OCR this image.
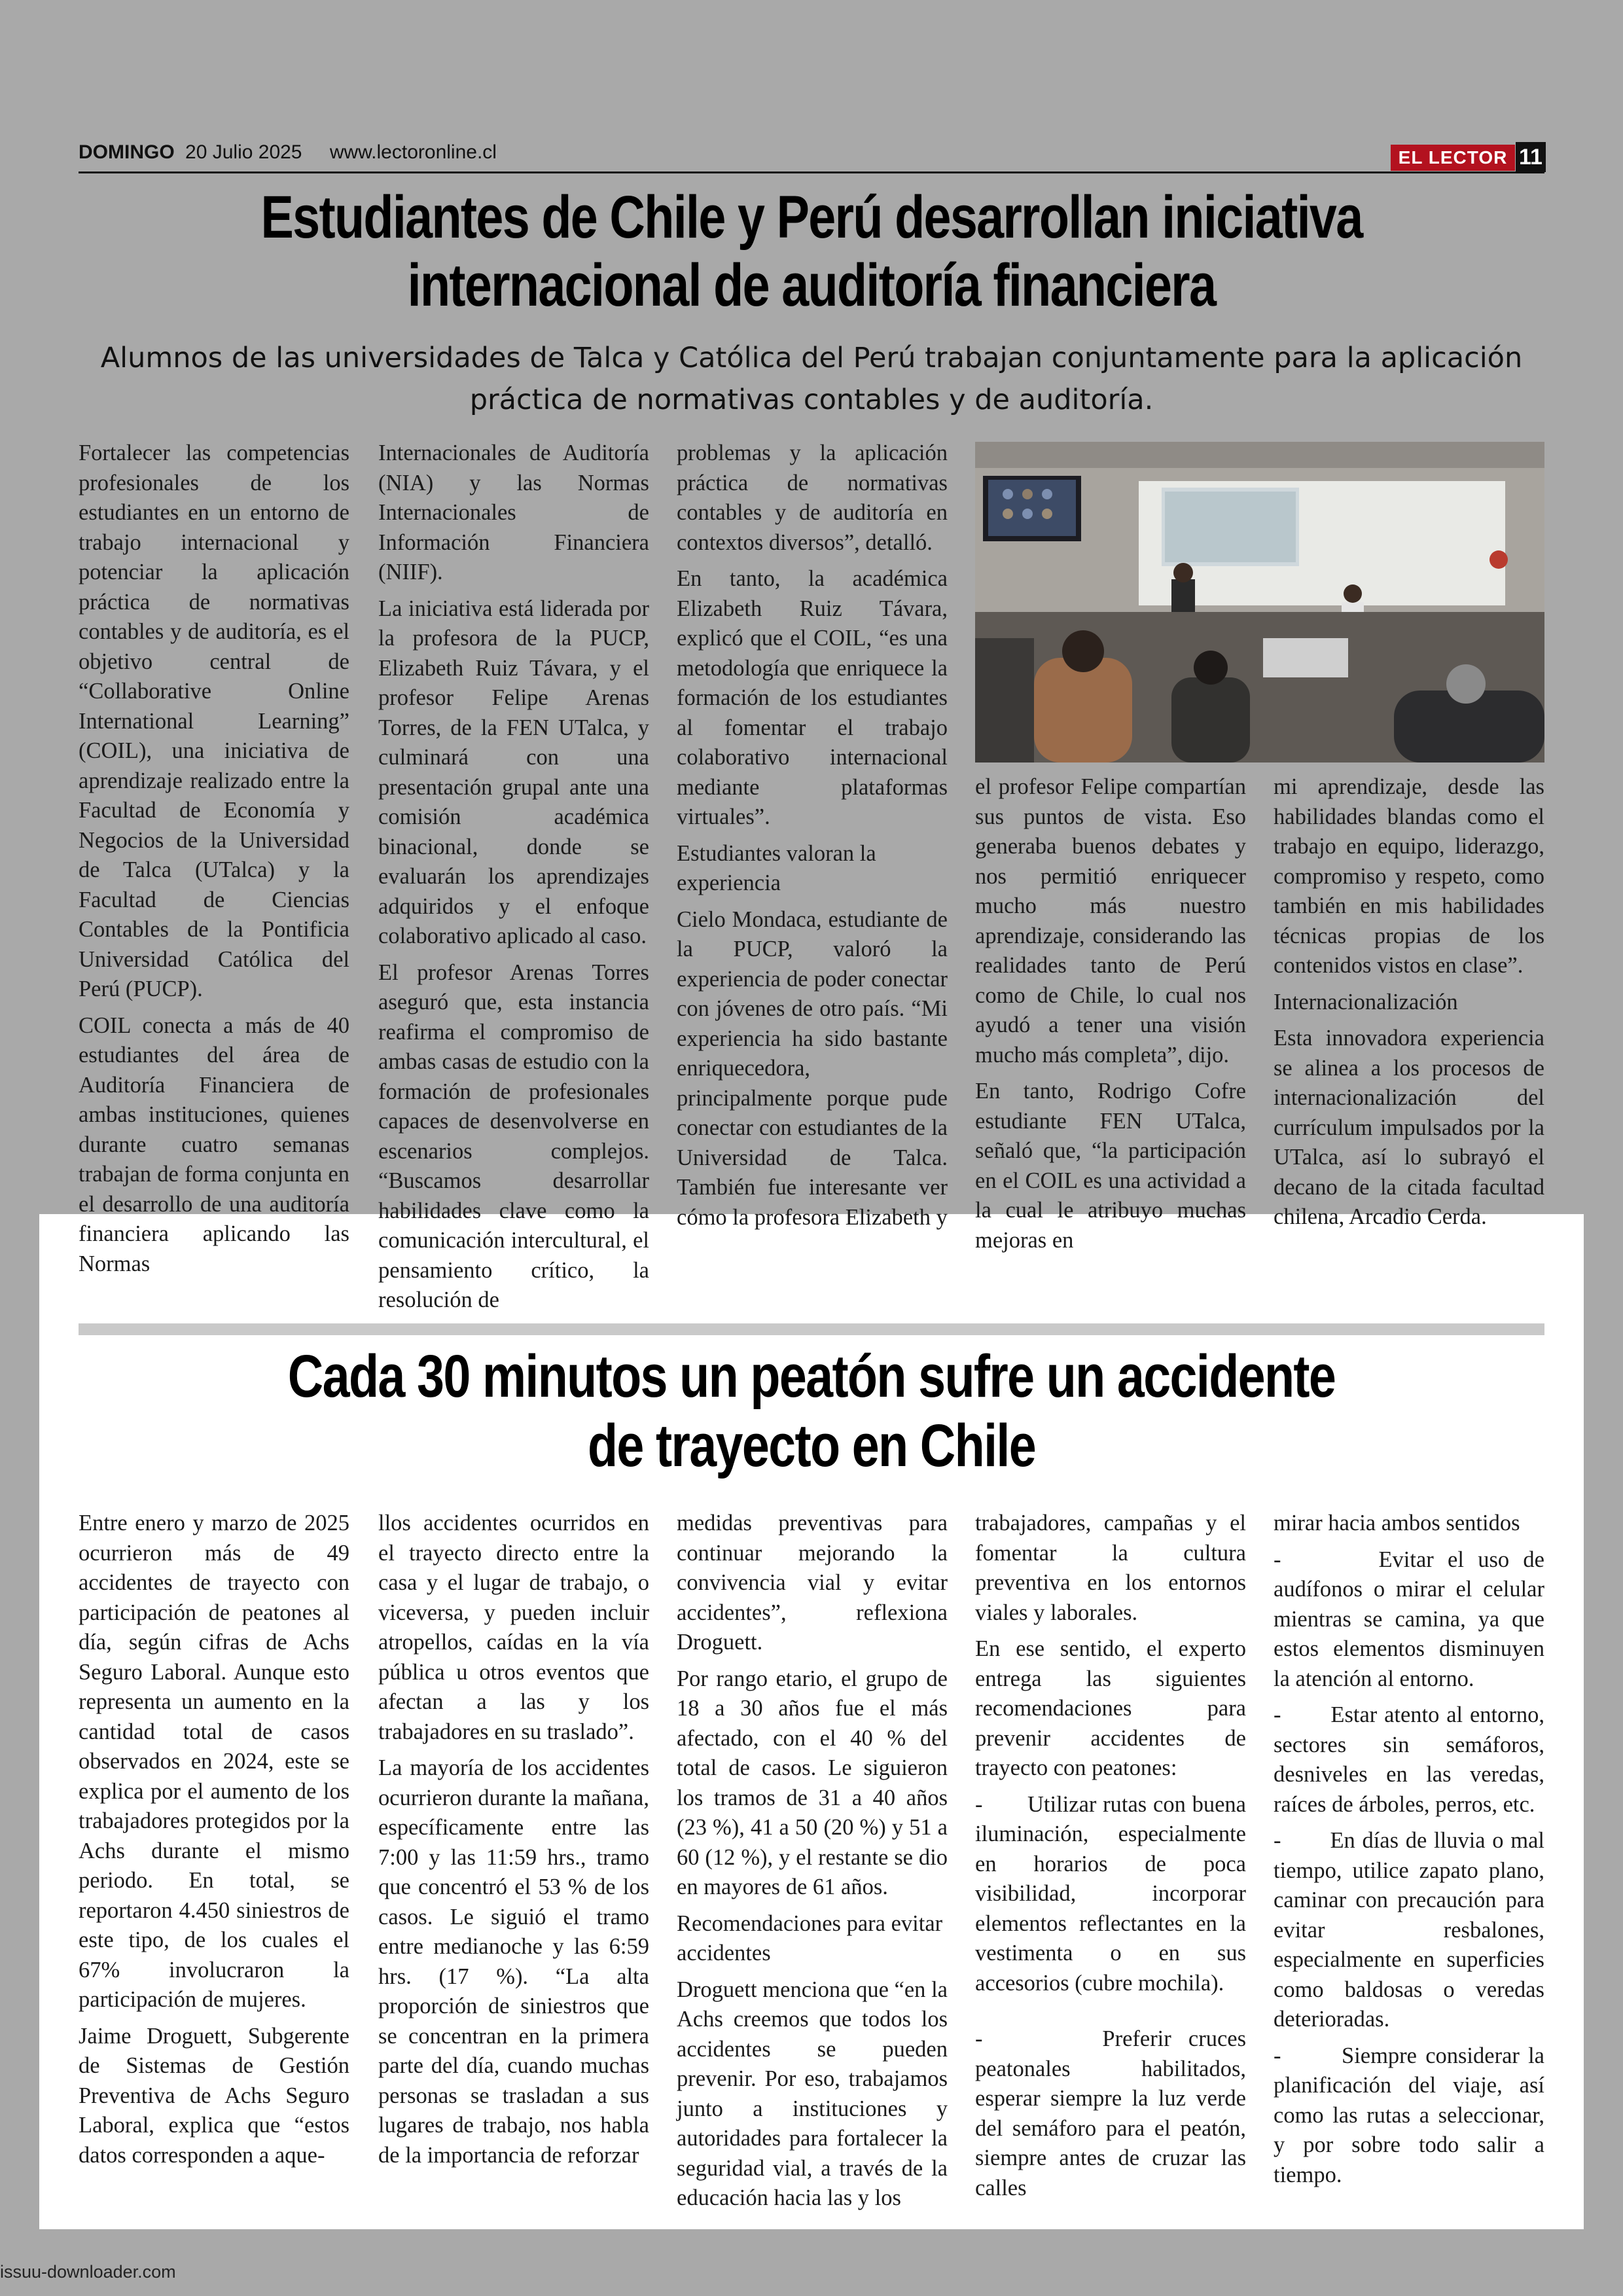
DOMINGO 20 Julio 2025 www.lectoronline.cl	EL LECTOR 11
Estudiantes de Chile y Perú desarrollan iniciativa
internacional de auditoría financiera
Alumnos de las universidades de Talca y Católica del Perú trabajan conjuntamente para la aplicación
práctica de normativas contables y de auditoría.

Fortalecer las competencias profesionales de los estudiantes en un entorno de trabajo internacional y potenciar la aplicación práctica de normativas contables y de auditoría, es el objetivo central de “Collaborative Online International Learning” (COIL), una iniciativa de aprendizaje realizado entre la Facultad de Economía y Negocios de la Universidad de Talca (UTalca) y la Facultad de Ciencias Contables de la Pontificia Universidad Católica del Perú (PUCP).

COIL conecta a más de 40 estudiantes del área de Auditoría Financiera de ambas instituciones, quienes durante cuatro semanas trabajan de forma conjunta en el desarrollo de una auditoría financiera aplicando las Normas

Internacionales de Auditoría (NIA) y las Normas Internacionales de Información Financiera (NIIF).

La iniciativa está liderada por la profesora de la PUCP, Elizabeth Ruiz Távara, y el profesor Felipe Arenas Torres, de la FEN UTalca, y culminará con una presentación grupal ante una comisión académica binacional, donde se evaluarán los aprendizajes adquiridos y el enfoque colaborativo aplicado al caso.

El profesor Arenas Torres aseguró que, esta instancia reafirma el compromiso de ambas casas de estudio con la formación de profesionales capaces de desenvolverse en escenarios complejos. “Buscamos desarrollar habilidades clave como la comunicación intercultural, el pensamiento crítico, la resolución de

problemas y la aplicación práctica de normativas contables y de auditoría en contextos diversos”, detalló.

En tanto, la académica Elizabeth Ruiz Távara, explicó que el COIL, “es una metodología que enriquece la formación de los estudiantes al fomentar el trabajo colaborativo internacional mediante plataformas virtuales”.

Estudiantes valoran la experiencia

Cielo Mondaca, estudiante de la PUCP, valoró la experiencia de poder conectar con jóvenes de otro país. “Mi experiencia ha sido bastante enriquecedora, principalmente porque pude conectar con estudiantes de la Universidad de Talca. También fue interesante ver cómo la profesora Elizabeth y

el profesor Felipe compartían sus puntos de vista. Eso generaba buenos debates y nos permitió enriquecer mucho más nuestro aprendizaje, considerando las realidades tanto de Perú como de Chile, lo cual nos ayudó a tener una visión mucho más completa”, dijo.

En tanto, Rodrigo Cofre estudiante FEN UTalca, señaló que, “la participación en el COIL es una actividad a la cual le atribuyo muchas mejoras en

mi aprendizaje, desde las habilidades blandas como el trabajo en equipo, liderazgo, compromiso y respeto, como también en mis habilidades técnicas propias de los contenidos vistos en clase”.

Internacionalización

Esta innovadora experiencia se alinea a los procesos de internacionalización del currículum impulsados por la UTalca, así lo subrayó el decano de la citada facultad chilena, Arcadio Cerda.

Cada 30 minutos un peatón sufre un accidente
de trayecto en Chile

Entre enero y marzo de 2025 ocurrieron más de 49 accidentes de trayecto con participación de peatones al día, según cifras de Achs Seguro Laboral. Aunque esto representa un aumento en la cantidad total de casos observados en 2024, este se explica por el aumento de los trabajadores protegidos por la Achs durante el mismo periodo. En total, se reportaron 4.450 siniestros de este tipo, de los cuales el 67% involucraron la participación de mujeres.

Jaime Droguett, Subgerente de Sistemas de Gestión Preventiva de Achs Seguro Laboral, explica que “estos datos corresponden a aque-

llos accidentes ocurridos en el trayecto directo entre la casa y el lugar de trabajo, o viceversa, y pueden incluir atropellos, caídas en la vía pública u otros eventos que afectan a las y los trabajadores en su traslado”.

La mayoría de los accidentes ocurrieron durante la mañana, específicamente entre las 7:00 y las 11:59 hrs., tramo que concentró el 53 % de los casos. Le siguió el tramo entre medianoche y las 6:59 hrs. (17 %). “La alta proporción de siniestros que se concentran en la primera parte del día, cuando muchas personas se trasladan a sus lugares de trabajo, nos habla de la importancia de reforzar

medidas preventivas para continuar mejorando la convivencia vial y evitar accidentes”, reflexiona Droguett.

Por rango etario, el grupo de 18 a 30 años fue el más afectado, con el 40 % del total de casos. Le siguieron los tramos de 31 a 40 años (23 %), 41 a 50 (20 %) y 51 a 60 (12 %), y el restante se dio en mayores de 61 años.

Recomendaciones para evitar accidentes

Droguett menciona que “en la Achs creemos que todos los accidentes se pueden prevenir. Por eso, trabajamos junto a instituciones y autoridades para fortalecer la seguridad vial, a través de la educación hacia las y los

trabajadores, campañas y el fomentar la cultura preventiva en los entornos viales y laborales.

En ese sentido, el experto entrega las siguientes recomendaciones para prevenir accidentes de trayecto con peatones:

-       Utilizar rutas con buena iluminación, especialmente en horarios de poca visibilidad, incorporar elementos reflectantes en la vestimenta o en sus accesorios (cubre mochila).

-       Preferir cruces peatonales habilitados, esperar siempre la luz verde del semáforo para el peatón, siempre antes de cruzar las calles

mirar hacia ambos sentidos

-       Evitar el uso de audífonos o mirar el celular mientras se camina, ya que estos elementos disminuyen la atención al entorno.

-       Estar atento al entorno, sectores sin semáforos, desniveles en las veredas, raíces de árboles, perros, etc.

-       En días de lluvia o mal tiempo, utilice zapato plano, caminar con precaución para evitar resbalones, especialmente en superficies como baldosas o veredas deterioradas.

-       Siempre considerar la planificación del viaje, así como las rutas a seleccionar, y por sobre todo salir a tiempo.

issuu-downloader.com
